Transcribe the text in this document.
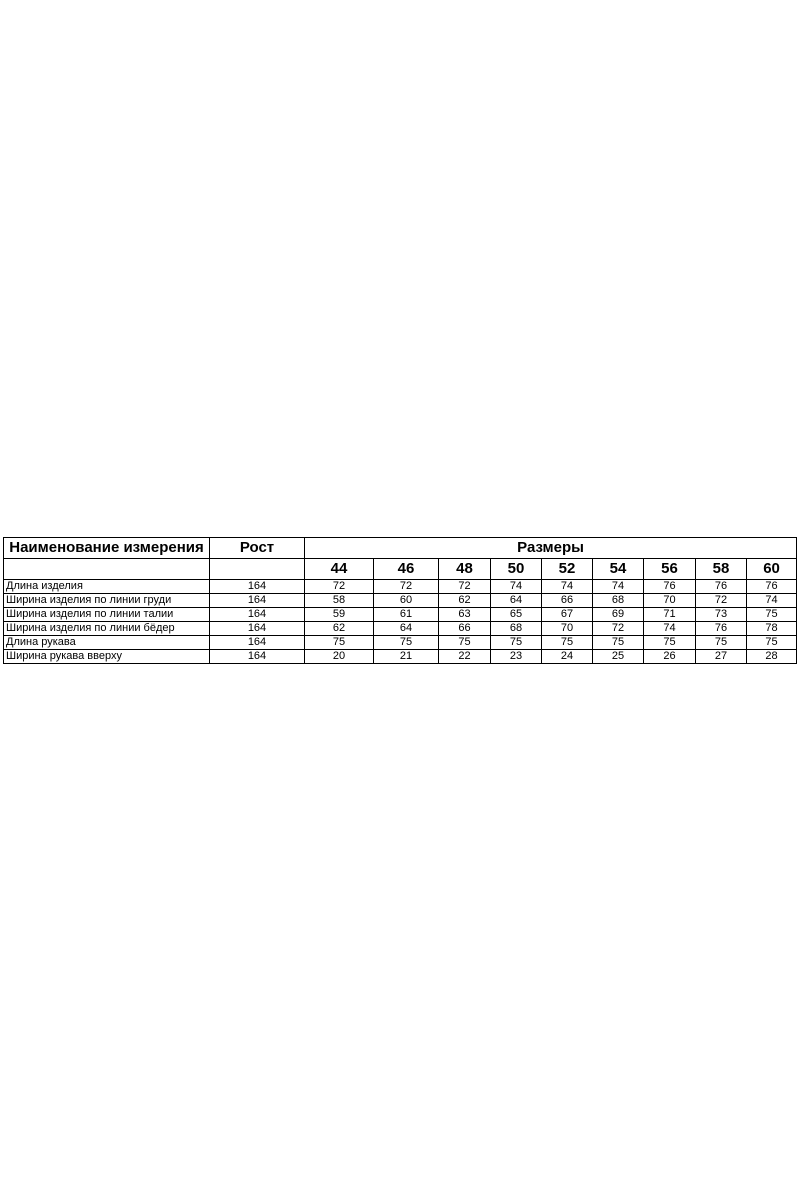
Наименование измерения	Рост	Размеры								
		44	46	48	50	52	54	56	58	60
Длина изделия	164	72	72	72	74	74	74	76	76	76
Ширина изделия по линии груди	164	58	60	62	64	66	68	70	72	74
Ширина изделия по линии талии	164	59	61	63	65	67	69	71	73	75
Ширина изделия по линии бёдер	164	62	64	66	68	70	72	74	76	78
Длина рукава	164	75	75	75	75	75	75	75	75	75
Ширина рукава вверху	164	20	21	22	23	24	25	26	27	28
